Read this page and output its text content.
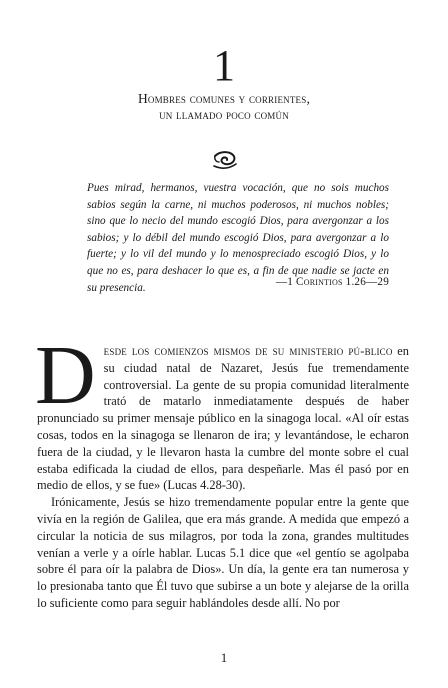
1
Hombres comunes y corrientes,
un llamado poco común
Pues mirad, hermanos, vuestra vocación, que no sois muchos sabios según la carne, ni muchos poderosos, ni muchos nobles; sino que lo necio del mundo escogió Dios, para avergonzar a los sabios; y lo débil del mundo escogió Dios, para avergonzar a lo fuerte; y lo vil del mundo y lo menospreciado escogió Dios, y lo que no es, para deshacer lo que es, a fin de que nadie se jacte en su presencia.	—1 Corintios 1.26—29

Desde los comienzos mismos de su ministerio pú-blico en su ciudad natal de Nazaret, Jesús fue tremendamente controversial. La gente de su propia comunidad literalmente trató de matarlo inmediatamente después de haber pronunciado su primer mensaje público en la sinagoga local. «Al oír estas cosas, todos en la sinagoga se llenaron de ira; y levantándose, le echaron fuera de la ciudad, y le llevaron hasta la cumbre del monte sobre el cual estaba edificada la ciudad de ellos, para despeñarle. Mas él pasó por en medio de ellos, y se fue» (Lucas 4.28-30).

Irónicamente, Jesús se hizo tremendamente popular entre la gente que vivía en la región de Galilea, que era más grande. A medida que empezó a circular la noticia de sus milagros, por toda la zona, grandes multitudes venían a verle y a oírle hablar. Lucas 5.1 dice que «el gentío se agolpaba sobre él para oír la palabra de Dios». Un día, la gente era tan numerosa y lo presionaba tanto que Él tuvo que subirse a un bote y alejarse de la orilla lo suficiente como para seguir hablándoles desde allí. No por

1
